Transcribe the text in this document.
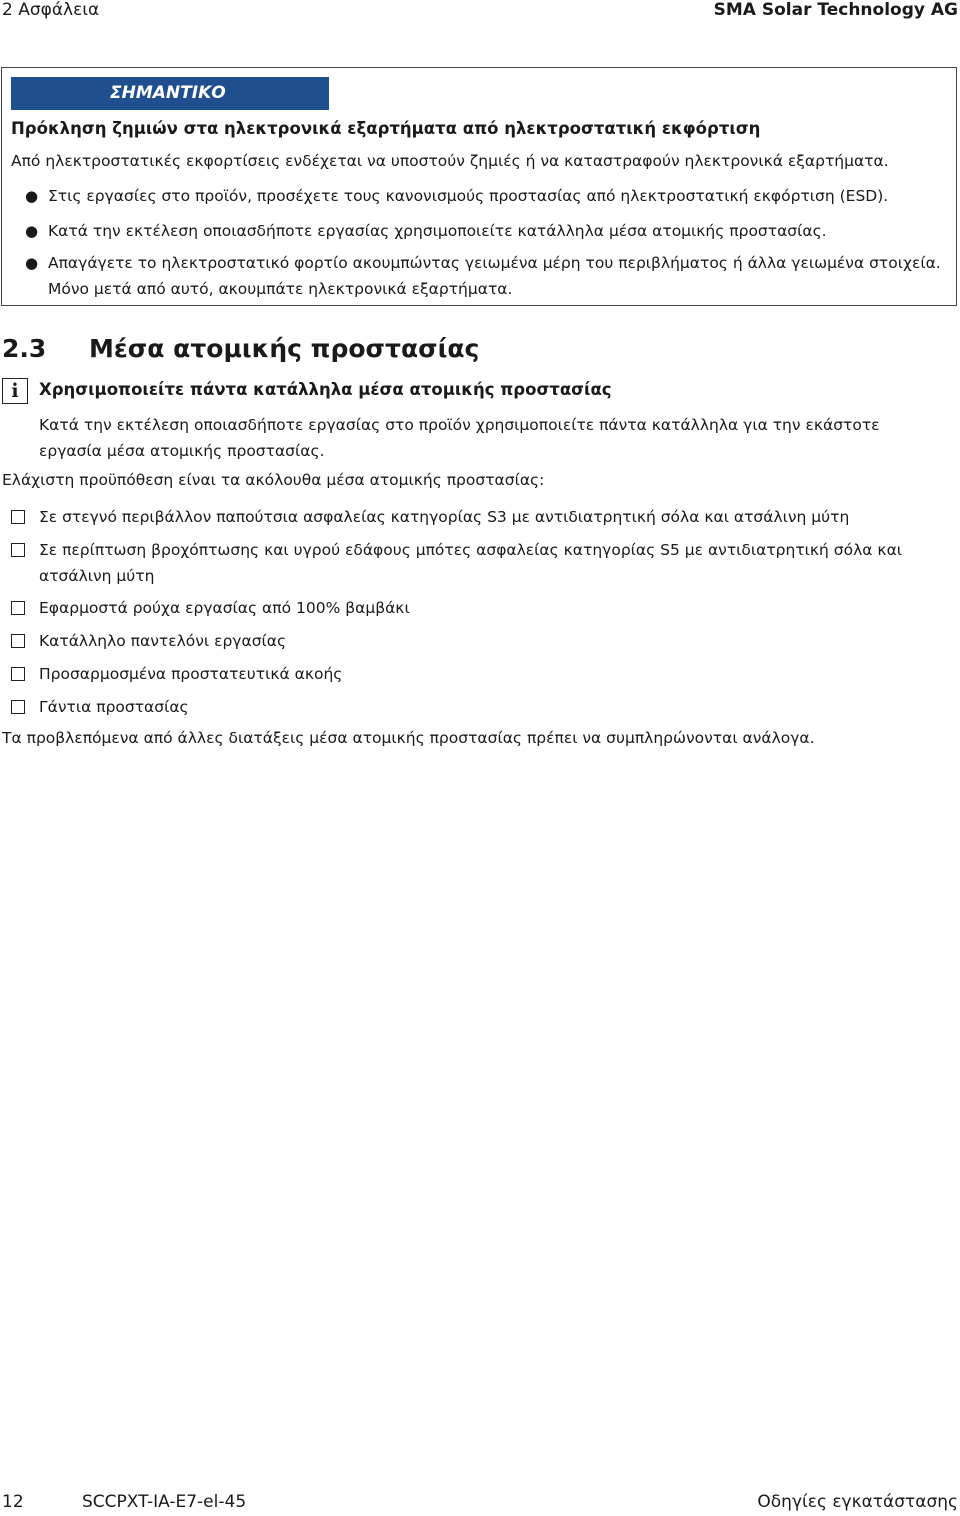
2 Ασφάλεια	SMA Solar Technology AG
ΣΗΜΑΝΤΙΚΟ
Πρόκληση ζημιών στα ηλεκτρονικά εξαρτήματα από ηλεκτροστατική εκφόρτιση
Από ηλεκτροστατικές εκφορτίσεις ενδέχεται να υποστούν ζημιές ή να καταστραφούν ηλεκτρονικά εξαρτήματα.
● Στις εργασίες στο προϊόν, προσέχετε τους κανονισμούς προστασίας από ηλεκτροστατική εκφόρτιση (ESD).
● Κατά την εκτέλεση οποιασδήποτε εργασίας χρησιμοποιείτε κατάλληλα μέσα ατομικής προστασίας.
● Απαγάγετε το ηλεκτροστατικό φορτίο ακουμπώντας γειωμένα μέρη του περιβλήματος ή άλλα γειωμένα στοιχεία.
Μόνο μετά από αυτό, ακουμπάτε ηλεκτρονικά εξαρτήματα.
2.3 Μέσα ατομικής προστασίας
i	Χρησιμοποιείτε πάντα κατάλληλα μέσα ατομικής προστασίας
Κατά την εκτέλεση οποιασδήποτε εργασίας στο προϊόν χρησιμοποιείτε πάντα κατάλληλα για την εκάστοτε εργασία μέσα ατομικής προστασίας.
Ελάχιστη προϋπόθεση είναι τα ακόλουθα μέσα ατομικής προστασίας:
Σε στεγνό περιβάλλον παπούτσια ασφαλείας κατηγορίας S3 με αντιδιατρητική σόλα και ατσάλινη μύτη
Σε περίπτωση βροχόπτωσης και υγρού εδάφους μπότες ασφαλείας κατηγορίας S5 με αντιδιατρητική σόλα και ατσάλινη μύτη
Εφαρμοστά ρούχα εργασίας από 100% βαμβάκι
Κατάλληλο παντελόνι εργασίας
Προσαρμοσμένα προστατευτικά ακοής
Γάντια προστασίας
Τα προβλεπόμενα από άλλες διατάξεις μέσα ατομικής προστασίας πρέπει να συμπληρώνονται ανάλογα.
12	SCCPXT-IA-E7-el-45	Οδηγίες εγκατάστασης
